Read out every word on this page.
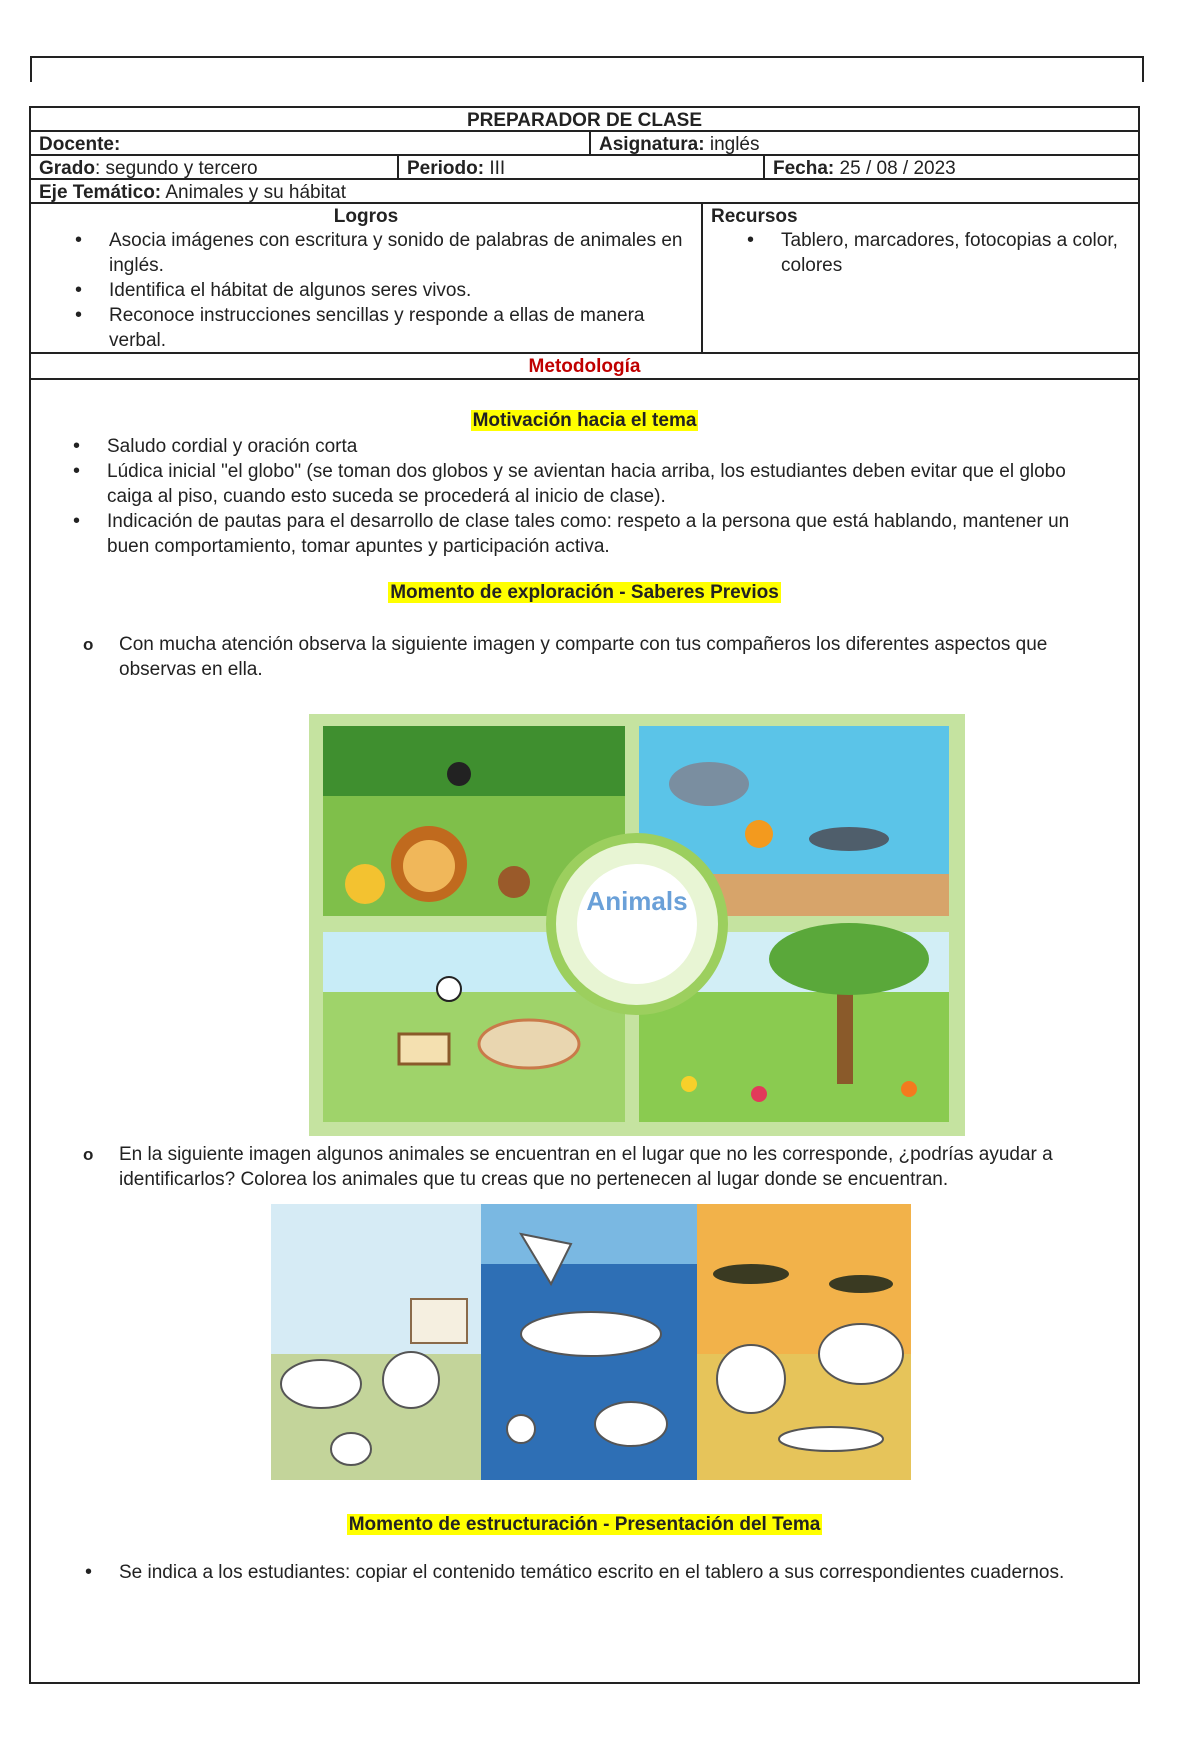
PREPARADOR DE CLASE
Docente:	Asignatura: inglés
Grado: segundo y tercero	Periodo: III	Fecha: 25 / 08 / 2023
Eje Temático: Animales y su hábitat
Logros
• Asocia imágenes con escritura y sonido de palabras de animales en inglés.
• Identifica el hábitat de algunos seres vivos.
• Reconoce instrucciones sencillas y responde a ellas de manera verbal.
Recursos
• Tablero, marcadores, fotocopias a color, colores
Metodología
Motivación hacia el tema
• Saludo cordial y oración corta
• Lúdica inicial "el globo" (se toman dos globos y se avientan hacia arriba, los estudiantes deben evitar que el globo caiga al piso, cuando esto suceda se procederá al inicio de clase).
• Indicación de pautas para el desarrollo de clase tales como: respeto a la persona que está hablando, mantener un buen comportamiento, tomar apuntes y participación activa.
Momento de exploración - Saberes Previos
o Con mucha atención observa la siguiente imagen y comparte con tus compañeros los diferentes aspectos que observas en ella.
Animals
o En la siguiente imagen algunos animales se encuentran en el lugar que no les corresponde, ¿podrías ayudar a identificarlos? Colorea los animales que tu creas que no pertenecen al lugar donde se encuentran.
Momento de estructuración - Presentación del Tema
• Se indica a los estudiantes: copiar el contenido temático escrito en el tablero a sus correspondientes cuadernos.
